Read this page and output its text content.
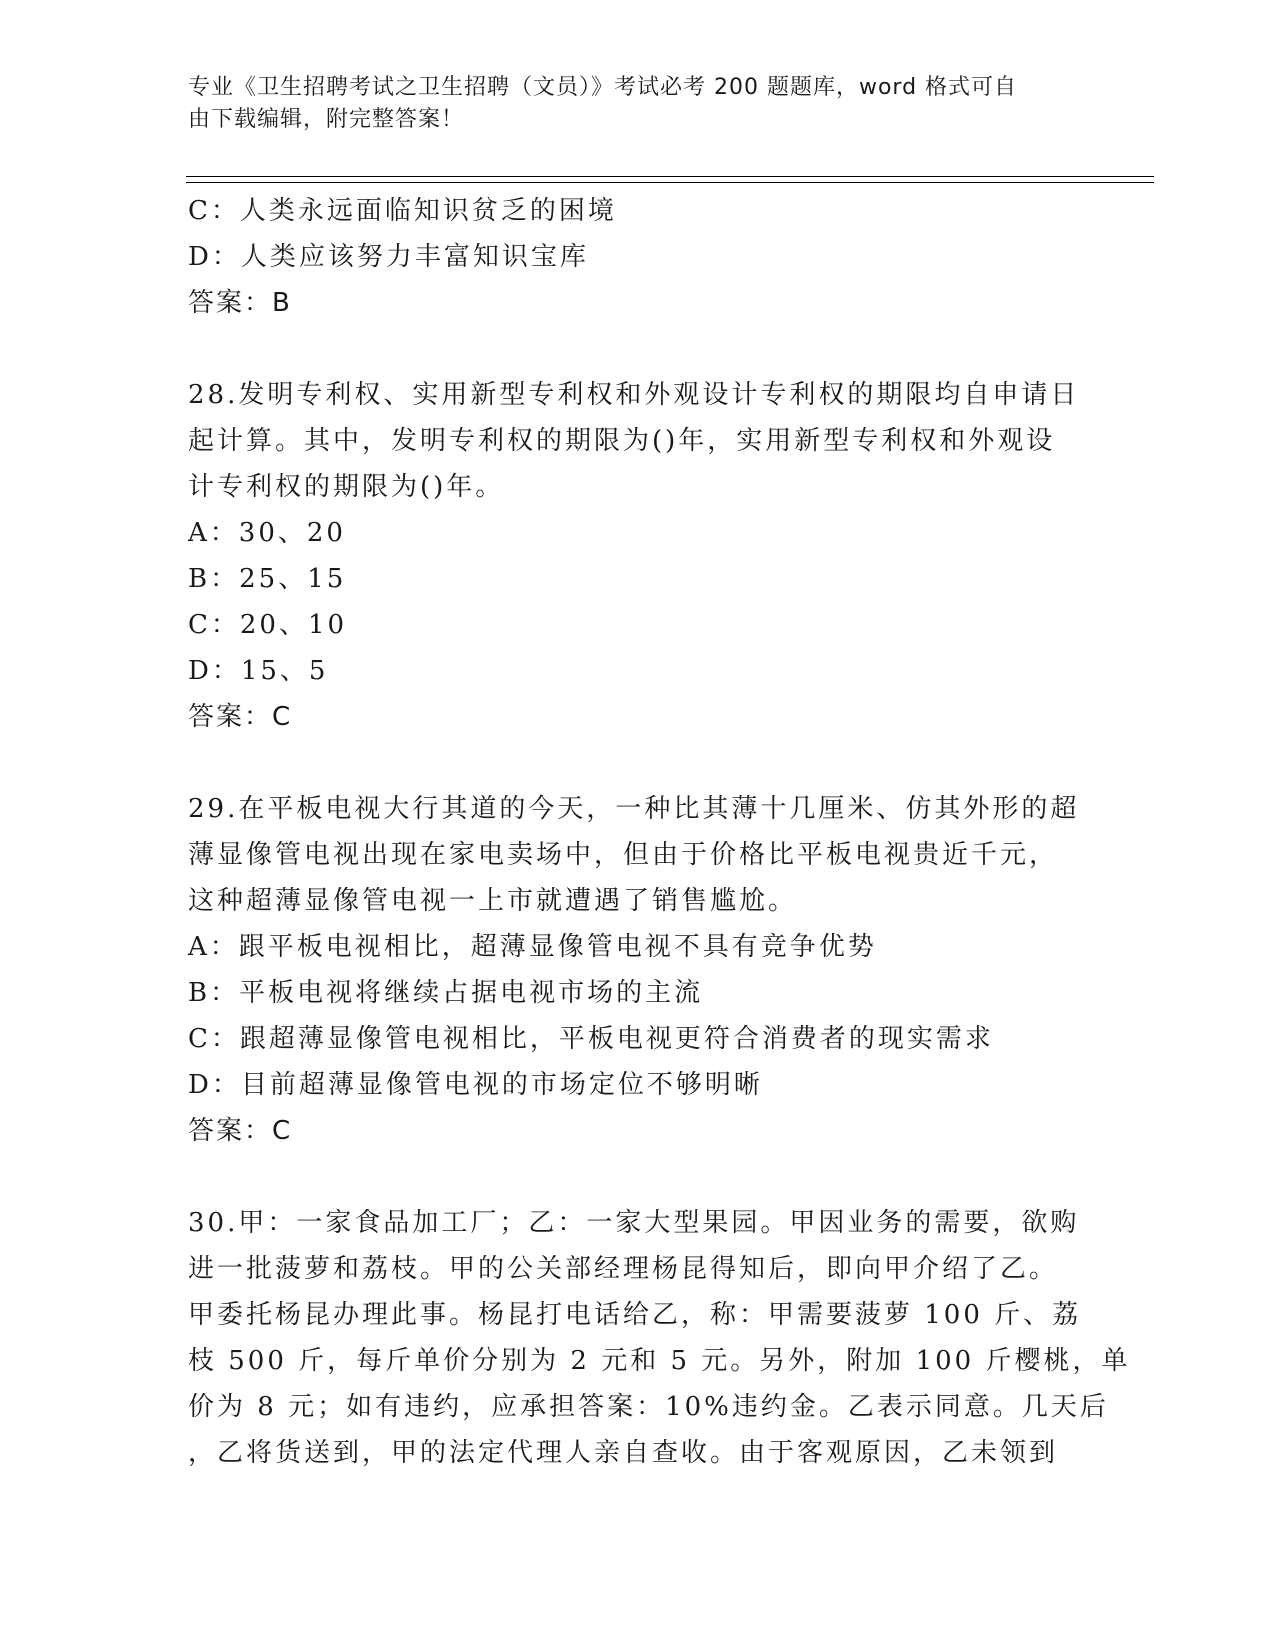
专业《卫生招聘考试之卫生招聘（文员）》考试必考 200 题题库，word 格式可自
由下载编辑，附完整答案！
C：人类永远面临知识贫乏的困境
D：人类应该努力丰富知识宝库
答案：B
28.发明专利权、实用新型专利权和外观设计专利权的期限均自申请日
起计算。其中，发明专利权的期限为()年，实用新型专利权和外观设
计专利权的期限为()年。
A：30、20
B：25、15
C：20、10
D：15、5
答案：C
29.在平板电视大行其道的今天，一种比其薄十几厘米、仿其外形的超
薄显像管电视出现在家电卖场中，但由于价格比平板电视贵近千元，
这种超薄显像管电视一上市就遭遇了销售尴尬。
A：跟平板电视相比，超薄显像管电视不具有竞争优势
B：平板电视将继续占据电视市场的主流
C：跟超薄显像管电视相比，平板电视更符合消费者的现实需求
D：目前超薄显像管电视的市场定位不够明晰
答案：C
30.甲：一家食品加工厂；乙：一家大型果园。甲因业务的需要，欲购
进一批菠萝和荔枝。甲的公关部经理杨昆得知后，即向甲介绍了乙。
甲委托杨昆办理此事。杨昆打电话给乙，称：甲需要菠萝 100 斤、荔
枝 500 斤，每斤单价分别为 2 元和 5 元。另外，附加 100 斤樱桃，单
价为 8 元；如有违约，应承担答案：10%违约金。乙表示同意。几天后
，乙将货送到，甲的法定代理人亲自查收。由于客观原因，乙未领到
